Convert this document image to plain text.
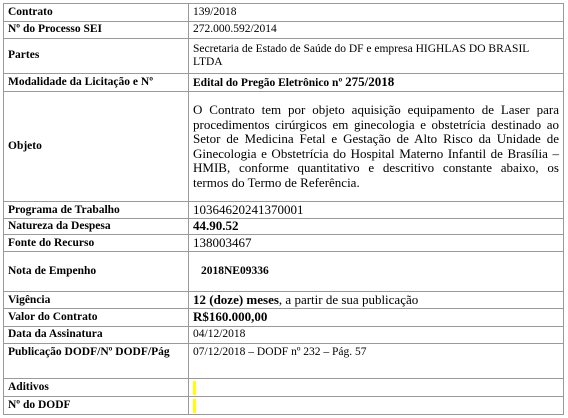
Contrato	139/2018
Nº do Processo SEI	272.000.592/2014
Partes	Secretaria de Estado de Saúde do DF e empresa HIGHLAS DO BRASIL LTDA
Modalidade da Licitação e Nº	Edital do Pregão Eletrônico nº 275/2018
Objeto	O Contrato tem por objeto aquisição equipamento de Laser para procedimentos cirúrgicos em ginecologia e obstetrícia destinado ao Setor de Medicina Fetal e Gestação de Alto Risco da Unidade de Ginecologia e Obstetrícia do Hospital Materno Infantil de Brasília – HMIB, conforme quantitativo e descritivo constante abaixo, os termos do Termo de Referência.
Programa de Trabalho	10364620241370001
Natureza da Despesa	44.90.52
Fonte do Recurso	138003467
Nota de Empenho	2018NE09336
Vigência	12 (doze) meses, a partir de sua publicação
Valor do Contrato	R$160.000,00
Data da Assinatura	04/12/2018
Publicação DODF/Nº DODF/Pág	07/12/2018 – DODF nº 232 – Pág. 57
Aditivos	
Nº do DODF	
